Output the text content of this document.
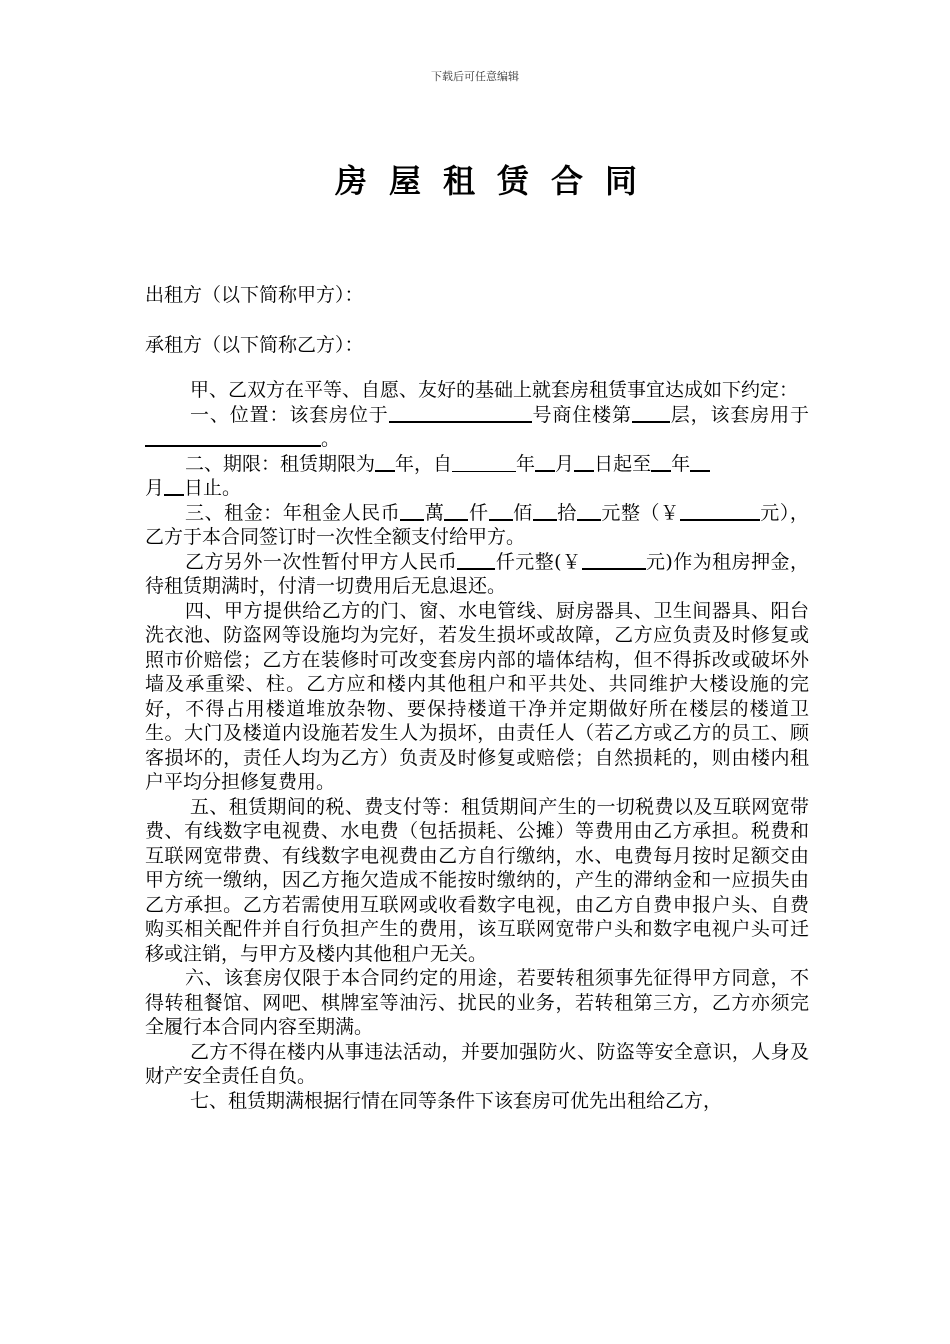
下载后可任意编辑
房屋租赁合同
出租方（以下简称甲方）：
承租方（以下简称乙方）：

甲、乙双方在平等、自愿、友好的基础上就套房租赁事宜达成如下约定：

一、位置：该套房位于	号商住楼第 层，该套房用于。

二、期限：租赁期限为 年，自	年 月 日起至 年
月 日止。

三、租金：年租金人民币 萬 仟 佰 拾 元整（￥	元），乙方于本合同签订时一次性全额支付给甲方。

乙方另外一次性暂付甲方人民币 仟元整(￥	元)作为租房押金，待租赁期满时，付清一切费用后无息退还。

四、甲方提供给乙方的门、窗、水电管线、厨房器具、卫生间器具、阳台洗衣池、防盗网等设施均为完好，若发生损坏或故障，乙方应负责及时修复或照市价赔偿；乙方在装修时可改变套房内部的墙体结构，但不得拆改或破坏外墙及承重梁、柱。乙方应和楼内其他租户和平共处、共同维护大楼设施的完好，不得占用楼道堆放杂物、要保持楼道干净并定期做好所在楼层的楼道卫生。大门及楼道内设施若发生人为损坏，由责任人（若乙方或乙方的员工、顾客损坏的，责任人均为乙方）负责及时修复或赔偿；自然损耗的，则由楼内租户平均分担修复费用。

五、租赁期间的税、费支付等：租赁期间产生的一切税费以及互联网宽带费、有线数字电视费、水电费（包括损耗、公摊）等费用由乙方承担。税费和互联网宽带费、有线数字电视费由乙方自行缴纳，水、电费每月按时足额交由甲方统一缴纳，因乙方拖欠造成不能按时缴纳的，产生的滞纳金和一应损失由乙方承担。乙方若需使用互联网或收看数字电视，由乙方自费申报户头、自费购买相关配件并自行负担产生的费用，该互联网宽带户头和数字电视户头可迁移或注销，与甲方及楼内其他租户无关。

六、该套房仅限于本合同约定的用途，若要转租须事先征得甲方同意，不得转租餐馆、网吧、棋牌室等油污、扰民的业务，若转租第三方，乙方亦须完全履行本合同内容至期满。

乙方不得在楼内从事违法活动，并要加强防火、防盗等安全意识，人身及财产安全责任自负。

七、租赁期满根据行情在同等条件下该套房可优先出租给乙方，
